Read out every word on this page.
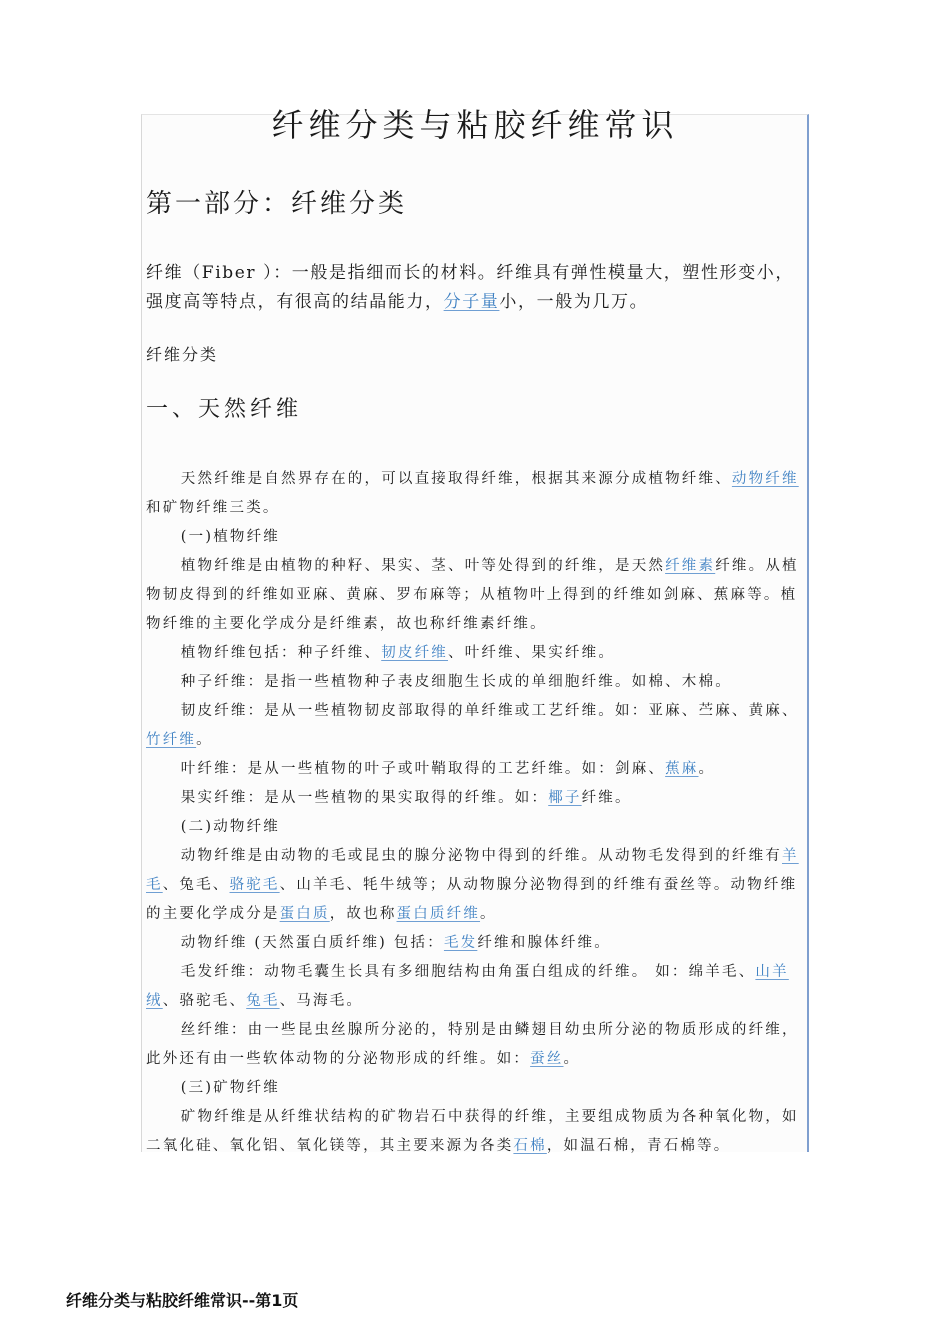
纤维分类与粘胶纤维常识
第一部分：纤维分类

纤维（Fiber ）：一般是指细而长的材料。纤维具有弹性模量大，塑性形变小，强度高等特点，有很高的结晶能力，分子量小，一般为几万。

纤维分类

一、天然纤维

天然纤维是自然界存在的，可以直接取得纤维，根据其来源分成植物纤维、动物纤维和矿物纤维三类。

(一)植物纤维

植物纤维是由植物的种籽、果实、茎、叶等处得到的纤维，是天然纤维素纤维。从植物韧皮得到的纤维如亚麻、黄麻、罗布麻等；从植物叶上得到的纤维如剑麻、蕉麻等。植物纤维的主要化学成分是纤维素，故也称纤维素纤维。

植物纤维包括：种子纤维、韧皮纤维、叶纤维、果实纤维。

种子纤维：是指一些植物种子表皮细胞生长成的单细胞纤维。如棉、木棉。

韧皮纤维：是从一些植物韧皮部取得的单纤维或工艺纤维。如：亚麻、苎麻、黄麻、竹纤维。

叶纤维：是从一些植物的叶子或叶鞘取得的工艺纤维。如：剑麻、蕉麻。

果实纤维：是从一些植物的果实取得的纤维。如：椰子纤维。

(二)动物纤维

动物纤维是由动物的毛或昆虫的腺分泌物中得到的纤维。从动物毛发得到的纤维有羊毛、兔毛、骆驼毛、山羊毛、牦牛绒等；从动物腺分泌物得到的纤维有蚕丝等。动物纤维的主要化学成分是蛋白质，故也称蛋白质纤维。

动物纤维 (天然蛋白质纤维) 包括：毛发纤维和腺体纤维。

毛发纤维：动物毛囊生长具有多细胞结构由角蛋白组成的纤维。 如：绵羊毛、山羊绒、骆驼毛、兔毛、马海毛。

丝纤维：由一些昆虫丝腺所分泌的，特别是由鳞翅目幼虫所分泌的物质形成的纤维，此外还有由一些软体动物的分泌物形成的纤维。如：蚕丝。

(三)矿物纤维

矿物纤维是从纤维状结构的矿物岩石中获得的纤维，主要组成物质为各种氧化物，如二氧化硅、氧化铝、氧化镁等，其主要来源为各类石棉，如温石棉，青石棉等。

纤维分类与粘胶纤维常识--第1页
